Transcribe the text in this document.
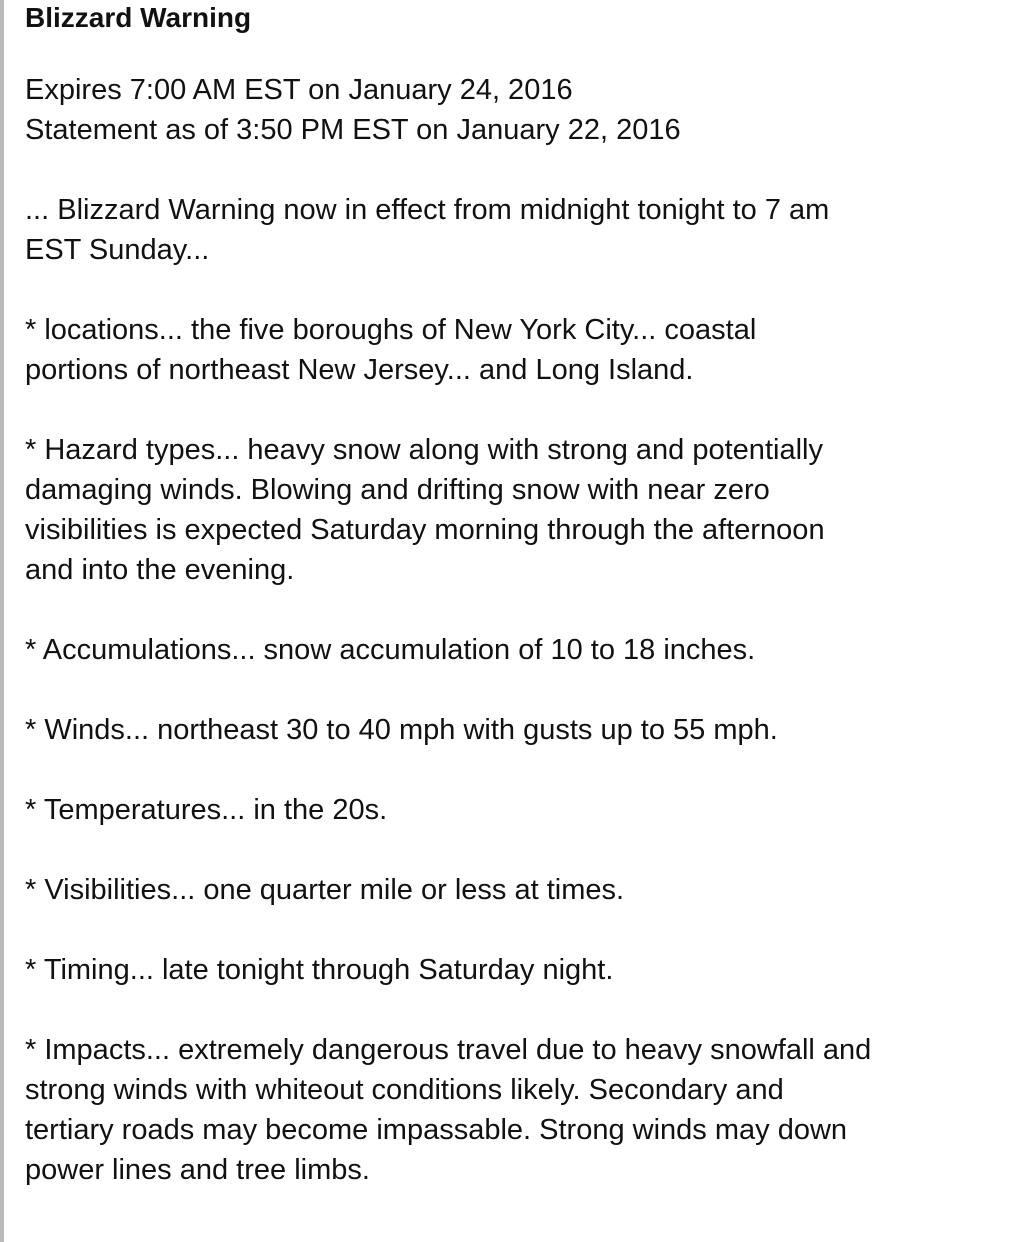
Blizzard Warning
Expires 7:00 AM EST on January 24, 2016
Statement as of 3:50 PM EST on January 22, 2016
... Blizzard Warning now in effect from midnight tonight to 7 am
EST Sunday...
* locations... the five boroughs of New York City... coastal
portions of northeast New Jersey... and Long Island.
* Hazard types... heavy snow along with strong and potentially
damaging winds. Blowing and drifting snow with near zero
visibilities is expected Saturday morning through the afternoon
and into the evening.
* Accumulations... snow accumulation of 10 to 18 inches.
* Winds... northeast 30 to 40 mph with gusts up to 55 mph.
* Temperatures... in the 20s.
* Visibilities... one quarter mile or less at times.
* Timing... late tonight through Saturday night.
* Impacts... extremely dangerous travel due to heavy snowfall and
strong winds with whiteout conditions likely. Secondary and
tertiary roads may become impassable. Strong winds may down
power lines and tree limbs.
